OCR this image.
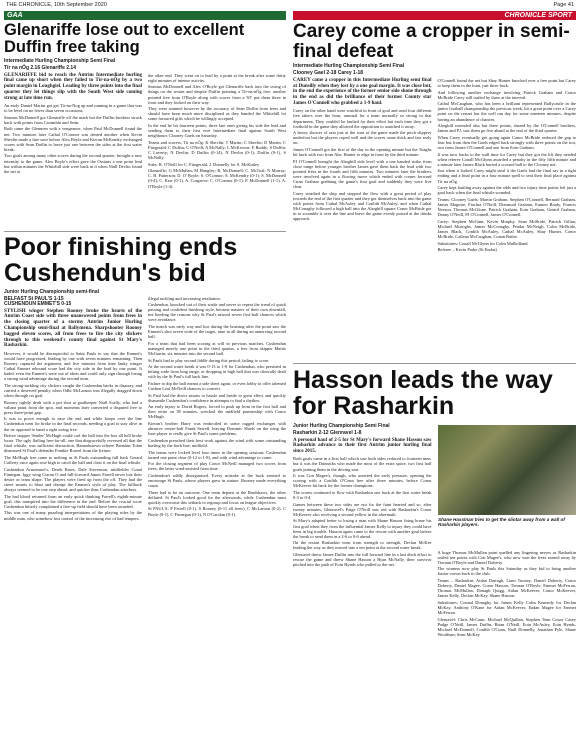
THE CHRONICLE, 10th September 2020	Page 41
GAA	CHRONICLE SPORT
Glenariffe lose out to excellent Duffin free taking
Intermediate Hurling Championship Semi Final
Tír na nÓg 2.16 Glenariffe 2.14

GLENARIFFE bid to reach the Antrim Intermediate hurling final came up short when they failed to Tír-na-nÓg by a two point margin in Loughgiel. Leading by three points into the final quarter they let things slip with the South West side coming strong at late time run.

An early Daniel Martin got get Tír-na-Nog up and running in a game that was to be level on no fewer than seven occasions.

Seamus McDonnell got Glenariffe off the mark but the Duffin brothers struck back with points from Caoimhín and Seán.

Both came the Glenmen with a vengeance, when Paul McDonnell found the net. Two minutes later Cathal O'Connor was denied another when Kevin Shevlin made a fine save before Alex Boyle and Kieran McKendry exchanged scores with Sean Duffin to leave just one between the sides at the first water break.

Two goals among many other scores during the second quarter, brought a new intensity to the game. Alex Boyle's effort gave the Ossians a one point lead but within minutes the Whitehill side were back in it when Niall Devlin found the net at

the other end. They went on to lead by a point at the break after some thirty eight minutes of intense activity.

Seamus McDonnell and Alex O'Boyle got Glenariffe back into the swing of things on the restart and despite Duffin pointing a Tír-na-nÓg free, another pointed free from O'Boyle along with scores from a '65' put them three in front and they looked on their way.

They were stunned however by the accuracy of Sean Duffin from frees and should have been much more disciplined as they handed the Whitehill lot some favoured gifts which he willingly accepted.

In the end he hit fourteen points, three late ones giving his side the lead and sending them to their first ever Intermediate final against South West neighbours Clooney Gaels on Saturday.

Teams and scorers; Tír na nÓg: K Shevlin; T Martin; C Shevlin; D Martin; C Fitzgerald; C Duffin; C O'Neill; A McNally; L McKeown; E Ruddy; S Duffin; C Laverty; N Devlin; D Duffin (0-14); N Devlin (0-1); Duffin (0-1), S McNally.

Subs: R. O'Neill for C. Fitzgerald, J. Donnelly for S. McKinley

Glenariffe; G McMullan; M Hungley; R. McDonnell; C. McToal; N Murray; C. B. Patterson; D. O' Boyle; S. O'Connor; S. McKendry (0-1); S. McDonnell (0-4); C. Kerr (0-1), A. Cosgrove; C. O'Connor (0-1); P. McDonnell (1-1), A. O'Boyle (1-4).

Poor finishing ends Cushendun's bid
Junior Hurling Championship semi-final
BELFAST St PAUL'S 1-15
CUSHENDUN EMMET'S 0-15

STYLISH winger Stephen Rooney broke the hearts of the Antrim Coast side with three unanswered points from frees in the closing quarter of a stormy Antrim Junior Hurling Championship semi-final at Ballymena. Sharpshooter Rooney bagged eleven scores, all from frees to fire the city slickers through to this weekend's county final against St Mary's Rasharkin.

However, it would be disrespectful to Saint Pauls to say that the Emmet's would have progressed, leading by one with seven minutes remaining. Then Rooney captured the argument, and five minutes from time lanky winger Cathal Emmet rebound score had the city side in the lead by one point. It hadn't even the Emmet's were out of ideas and could only sign through losing a strong wind advantage during the second term.

The strong-tackling city slickers caught the Cushendun backs in disarray, and carried a deserved penalty when Odhi McLarnon was illegally dragged down when through on goal.

Rooney rightly dealt with a pot shot at goalkeeper Niall Scally, who had a valiant point from the spot, and moments later converted a disputed free to press three-point gap.

It was to prove enough to ease the end and while hoops over the line Cushendun went for broke in the final seconds, needing a goal to stay alive in the tie opposed to hand a right swing free.

Before stopper 'Smiler' McHugh could curl the ball into the box all hell broke loose. The ugly flailing free-for-all, one that disgracefully reversed all that the final whistle, was sufficient distraction. Hannahstown referee Brendan Tolan dismissed St Paul's defender Frankie Roseel from the fixture.

The McHugh free came to nothing as St Pauls outstanding full back Gerard Cafferty once again rose high to catch the ball and clear it on the final whistle.

Cushendun Armonsnet's, Derek Rasrs, Dale Stevenson, midfielder Conal Finnegan, Iggy wing Ciaran O and full-forward James Farrell never lost their desire or team shape. The players were fired up from the off. They had the street smarts to blast and disrupt the Emmet's style of play. The fullback always seemed to be one step ahead, and quicker than Cushendun attackers.

The had blood returned from an early quick thinking Farrell's eighth-minute goal, this transpired into the difference in the end. Before the crucial score Cushendun bitterly complained a free-up field should have been awarded.

This was one of many puzzling interpretations of the playing rules by the middle man, who somehow lost control of the increasing rise of bad tempers.

illegal tackling and increasing retaliation.

Cushendun, knocked out of their stride and never to repeat the trend of quick passing and confident finishing style, became masters of their own downfall, not heeding the reasons why St Paul's missed seven first-half chances which were avoidance.

The match was early way and lost during the bruising after the point saw the Emmet's shot seven wide of the target, nine in all during an unnerving second half.

For a team that had been scoring at will in previous matches, Cushendun managed merely one point in the third quarter, a free from skipper Mattie McGarrin, six minutes into the second half.

St Pauls had to play second fiddle during this period, failing to score.

At the second water break it was 0-13 to 1-8 for Cushendun, who persisted in hitting wide from long range, or dropping in high ball that was clinically dealt with by the St Paul's full back line.

Failure to dip the ball meant a side sheet again, or even lobby to offer talented Cushen Leaf McNeill chances to convert.

St Paul had the direct smarts to hassle and hustle to great effect and quickly dismantle Cushendun's confidence in attempts to find a rhythm.

An early injury to David Rogers, forced to push up front in the first half and then retire on 38 minutes, wrecked the midfield partnership with Conor McHugh.

Kieran's brother Harry was embroiled in some ragged exchanges with abrasive centre-half Frank Sewell, leaving Dominic Shiels on the wing the lone player to really give St Paul's some problems.

Cushendun preached their best work against the wind with some outstanding hurling by the back line, midfield.

The teams were locked level four times in the opening sessions. Cushendun turned one point clear (0-12 to 1-8), and with wind advantage to come.

For the closing segment of play Conor McNeill managed two scores from frees, the latter wind-assisted from time.

Cushendun's oddly disorganised. Every mistake at the back seemed to encourage St Pauls, whose players grew in stature. Rooney made everything count.

There had to be an outcome. One team departs at the Bradshaws, the other deflated. St Paul's looked good for the afterwards, while Cushendun must quickly overcome this setback to regroup and focus on league objectives.

St PAUL'S: P Ferrell (0-1), S Rooney (0-11 all frees), C McLarnon (0-2), C Boyle (0-1), C Finnegan (0-1), N O'Carolan (0-1).

Carey come a cropper in semi-final defeat
Intermediate Hurling Championship Semi Final
Clooney Gael 2-18 Carey 1-18

CAREY came a cropper in this Intermediate Hurling semi final at Dunsilly when they lost by a one goal margin. It was close but, in the end the experience of the former senior side shone through in the end as did the brilliance of their former County star James O'Connell who grabbed a 1-9 haul.

Carey on the other hand were watchful in front of goal and used four different free takers over the hour, unusual for a team normally so strong in that department. They couldn't be faulted for their effort but each time they got a foothold in the game they allowed the opposition to snatched it away.

A heavy shower of rain just at the start of the game made the pitch slippery underfoot but the players coped well and the scores came thick and fast early on.

James O'Connell got the first of the day in the opening minute but the Tuaghs hit back with two from Alec Hunter to edge in front by the third minute.

PJ O'Connell brought the Ahoghill side level with a one handed strike from close range before younger brother James gave them back the lead with two pointed frees in the fourth and fifth minutes. Two minutes later the brothers were involved again in a flowing move which ended with corner forward Ciran Graham grabbing the game's first goal and suddenly they were five clear.

Carey steadied the ship and stopped the flow with a great period of play towards the end of the first quarter and they got themselves back into the game with points from Cathal McAuley and Conlith McAuley, and when Cathal McConaghy followed a high ball into the Ahoghill square Conor McBride got in to scramble it over the line and leave the game evenly poised at the drinks approach.

O'Connell found the net but Shay Hunter knocked over a free point but Carey to keep them in the hunt, just three back.

And following another exchange involving Patrick Graham and Conor McBride Carey still trailed by three at the interval.

Cathal McCaughan, who has been a brilliant represented Ballycastle in the junior football championship the previous week, hit a great point over a Carey point on the restart but the well ran day for some nineteen minutes, despite having an abundance of chances.

Ahoghill extended also but three points, shared by the O'Connell brothers, James and PJ, saw them go five ahead at the end of the third quarter.

When Carey eventually got going again Conor McBride reduced the gap to four but from then the Gaels edged back strongly with three points on the trot, two from James O'Connell and one from Eoin Graham.

It was now backs to the wall time for Carey but they got the lift they needed when referee Conall McGlynn awarded a penalty in the fifty fifth minute and a minute later James Black buried a crossed ball to the Clooney net.

Just when it looked Carey might steal it the Gaels had the final say in a tight ending and a final point in a four minute spell to seal their final place against Tír na nÓg.

Carey kept battling away against the odds and two injury time points left just a goal back when the final whistle sounded.

Teams: Clooney Gaels; Martin Graham, Stephen O'Connell, Bernard Graham, James Maguire, Fiachra O'Neill, Diarmuid Graham, Eamon Brady, Francis Neeson, Thomas McGlone, Patrick Graham, Eoin Graham, Gerard Graham, Danny O'Neill, PJ O'Connell, James O'Connell.

Carey: Stephen McGinn, Kevin Murphy, Sean McBride, Patrick Gillan, Michael Mcnoghs, James McConaghy, Peadar McNeigh, Colm McBride, James Black, Conlith McAuley, Cathal McAuley, Shay Hunter, Conor McBride, Cailean McCaughan, Conan Butler.

Substitutes: Conall McGlynn for Colm Mulholland.

Referee – Kevin Parke (St Endas)

Hasson leads the way for Rasharkin
Junior Hurling Championship Semi Final
Rasharkin 2-12 Glenravel 1-8

A personal haul of 2-5 for St Mary's forward Shane Hasson saw Rasharkin advance to their first Antrim junior hurling final since 2015.

Both goals came in a first half which saw both sides reduced to fourteen men, but it was the Dunnicks who made the most of the extra space, two first half goals putting them in the driving seat.

It was Con Magee's, though, who asserted the early pressure, opening the scoring with a Conlith O'Conn free after three minutes, before Conor McKeever hit back for the former champions.

The scores continued to flow with Rasharkin one back at the first water break 0-3 to 0-4.

Games between these two sides are not for the faint hearted and so, after twenty minutes, Glenravel's Paige O'Neill saw red with Rasharkin's Conor McKeever also receiving a second yellow in the aftermath.

St Mary's adapted better to losing a man with Shane Hasson firing home his first goal when they from the influential James Kelly to injury they could have been in big trouble. Hasson again came to the rescue with another goal before the break to send them in a 2-6 to 0-6 ahead.

On the restart Rasharkin went from strength to strength, Declan McKee leading the way as they moved into a ten point at the second water break.

Glenravel threw James Duffin into the full forward line in a last ditch effort to rescue the game and threw Shane Hasson a Ryan McNally, their survivor pitched into the path of Eoin Hynds who pulled to the net.

A huge Thomas McMullan point quelled any lingering nerves as Rasharkin sealed ten points with Con Magee's, who now won the frees earned away by Tiernan O'Boyle and Daniel Doherty.

The winners now play St Pauls this Saturday as they bid to bring another Junior crown back to the club.

Teams – Rasharkin: Aidan Darragh, Liam Tuonoy, Daniel Doherty, Conor Doherty, Daniel Magee, Conor Hasson, Tiernan O'Boyle, Emmet McFerran, Thomas McMullan, Donagh Quigg, Aidan McKeever, Conor McKeever, James Kelly, Declan McKay, Shane Hasson.

Substitutes: Connal Donaghy for James Kelly Colm Kennedy for Declan McKay, Anthony O'Kane for Aidan McKeever, Eadan Magee for Emmet McFerran.

Glenravel: Chris McCann, Michael McQuillan, Stephen Tenn Conor Casey Padge O'Neill, James Duffin, Brian O'Neill, Eoin McAuley, Eoin Hynds, Michael McDonnell, Conlith O'Cuan, Niall Donnelly, Jonathan Pyle, Shane Woulfnan, Sean McKay.

Shane Hasslnan tries to get the sliotar away from a wall of Rasharkin players.
